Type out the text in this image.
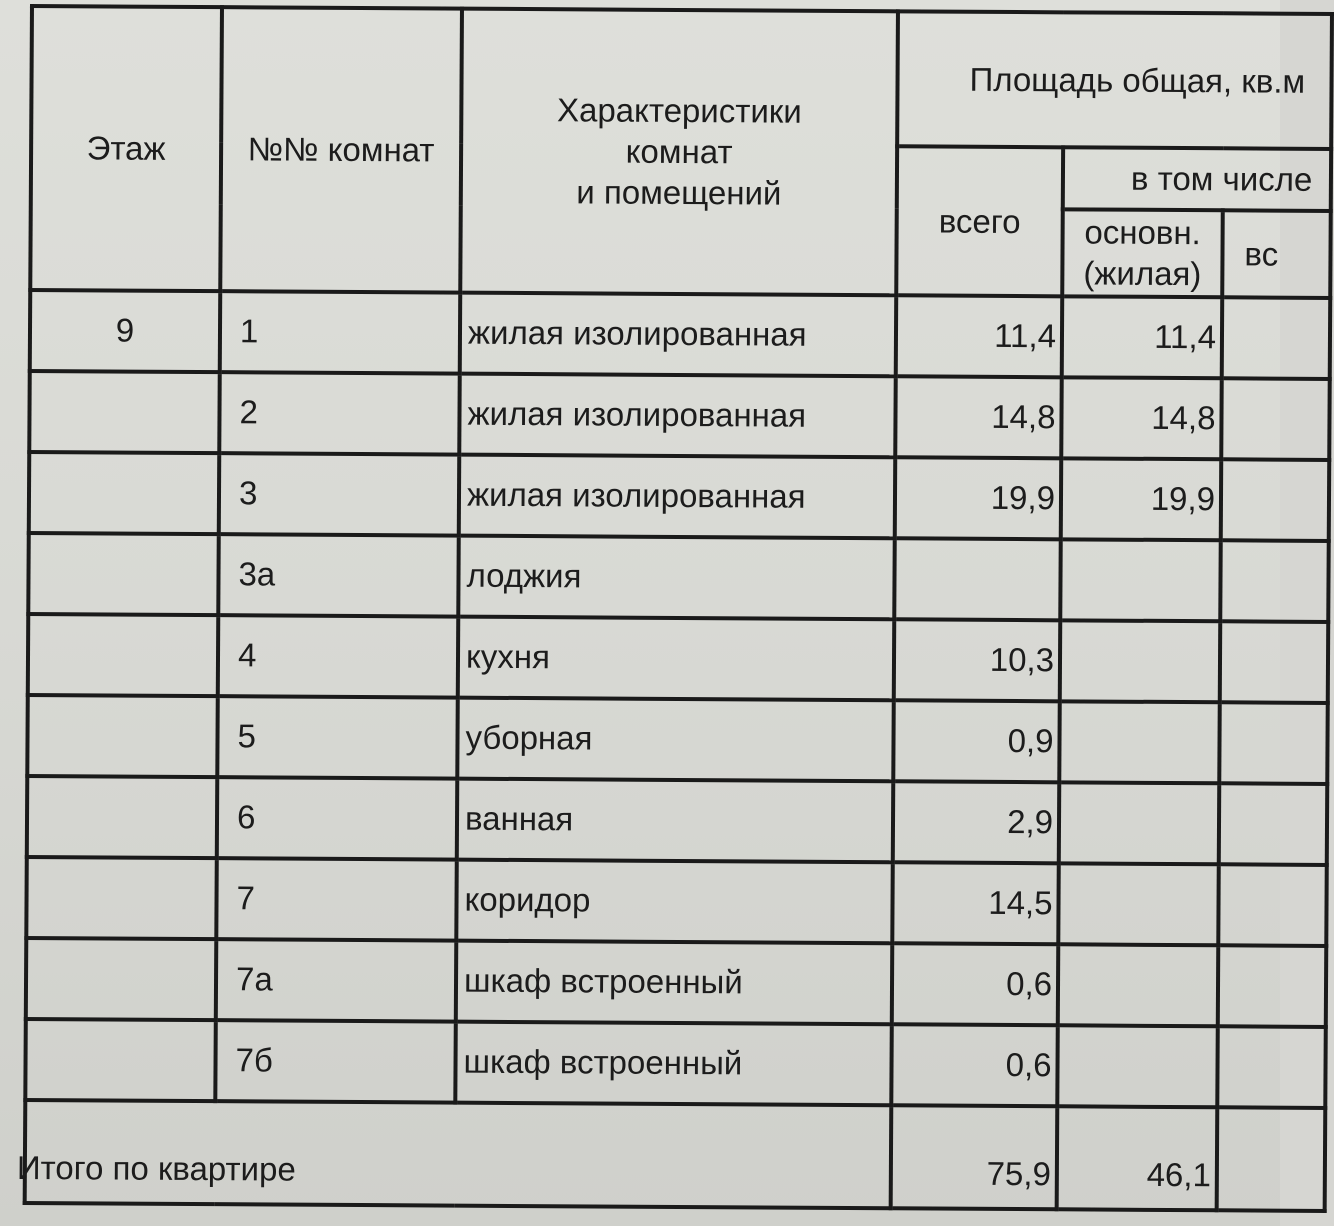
Этаж	№№ комнат	Характеристики
комнат
и помещений	Площадь общая, кв.м		
			всего	в том числе	

				основн.
(жилая)	вс
9	1	жилая изолированная	11,4	11,4	
	2	жилая изолированная	14,8	14,8	
	3	жилая изолированная	19,9	19,9	
	3а	лоджия			
	4	кухня	10,3		
	5	уборная	0,9		
	6	ванная	2,9		
	7	коридор	14,5		
	7а	шкаф встроенный	0,6		
	7б	шкаф встроенный	0,6		
Итого по квартире			75,9	46,1	
